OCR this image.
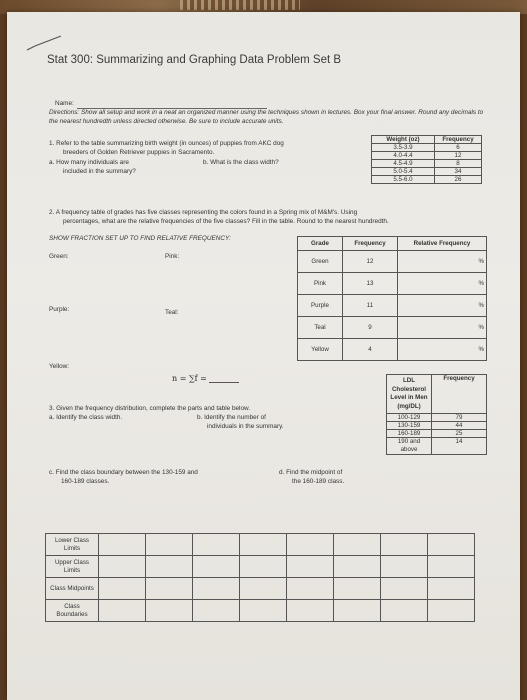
Stat 300: Summarizing and Graphing Data Problem Set B
Name:
Directions: Show all setup and work in a neat an organized manner using the techniques shown in lectures. Box your final answer. Round any decimals to the nearest hundredth unless directed otherwise. Be sure to include accurate units.
1. Refer to the table summarizing birth weight (in ounces) of puppies from AKC dog
breeders of Golden Retriever puppies in Sacramento.
a. How many individuals are
included in the summary?
b. What is the class width?
Weight (oz)	Frequency
3.5-3.9	6
4.0-4.4	12
4.5-4.9	8
5.0-5.4	34
5.5-6.0	26
2. A frequency table of grades has five classes representing the colors found in a Spring mix of M&M's. Using
percentages, what are the relative frequencies of the five classes? Fill in the table. Round to the nearest hundredth.
SHOW FRACTION SET UP TO FIND RELATIVE FREQUENCY:
Green:	Pink:
Purple:	Teal:
Yellow:
n = ∑f =
Grade	Frequency	Relative Frequency
Green	12	%
Pink	13	%
Purple	11	%
Teal	9	%
Yellow	4	%
3. Given the frequency distribution, complete the parts and table below.
a. Identify the class width.	b. Identify the number of
individuals in the summary.
c. Find the class boundary between the 130-159 and
160-189 classes.
d. Find the midpoint of
the 160-189 class.
LDL Cholesterol Level in Men (mg/DL)	Frequency
100-129	79
130-159	44
160-189	25
190 and above	14
Lower Class Limits								
Upper Class Limits								
Class Midpoints								
Class Boundaries								
